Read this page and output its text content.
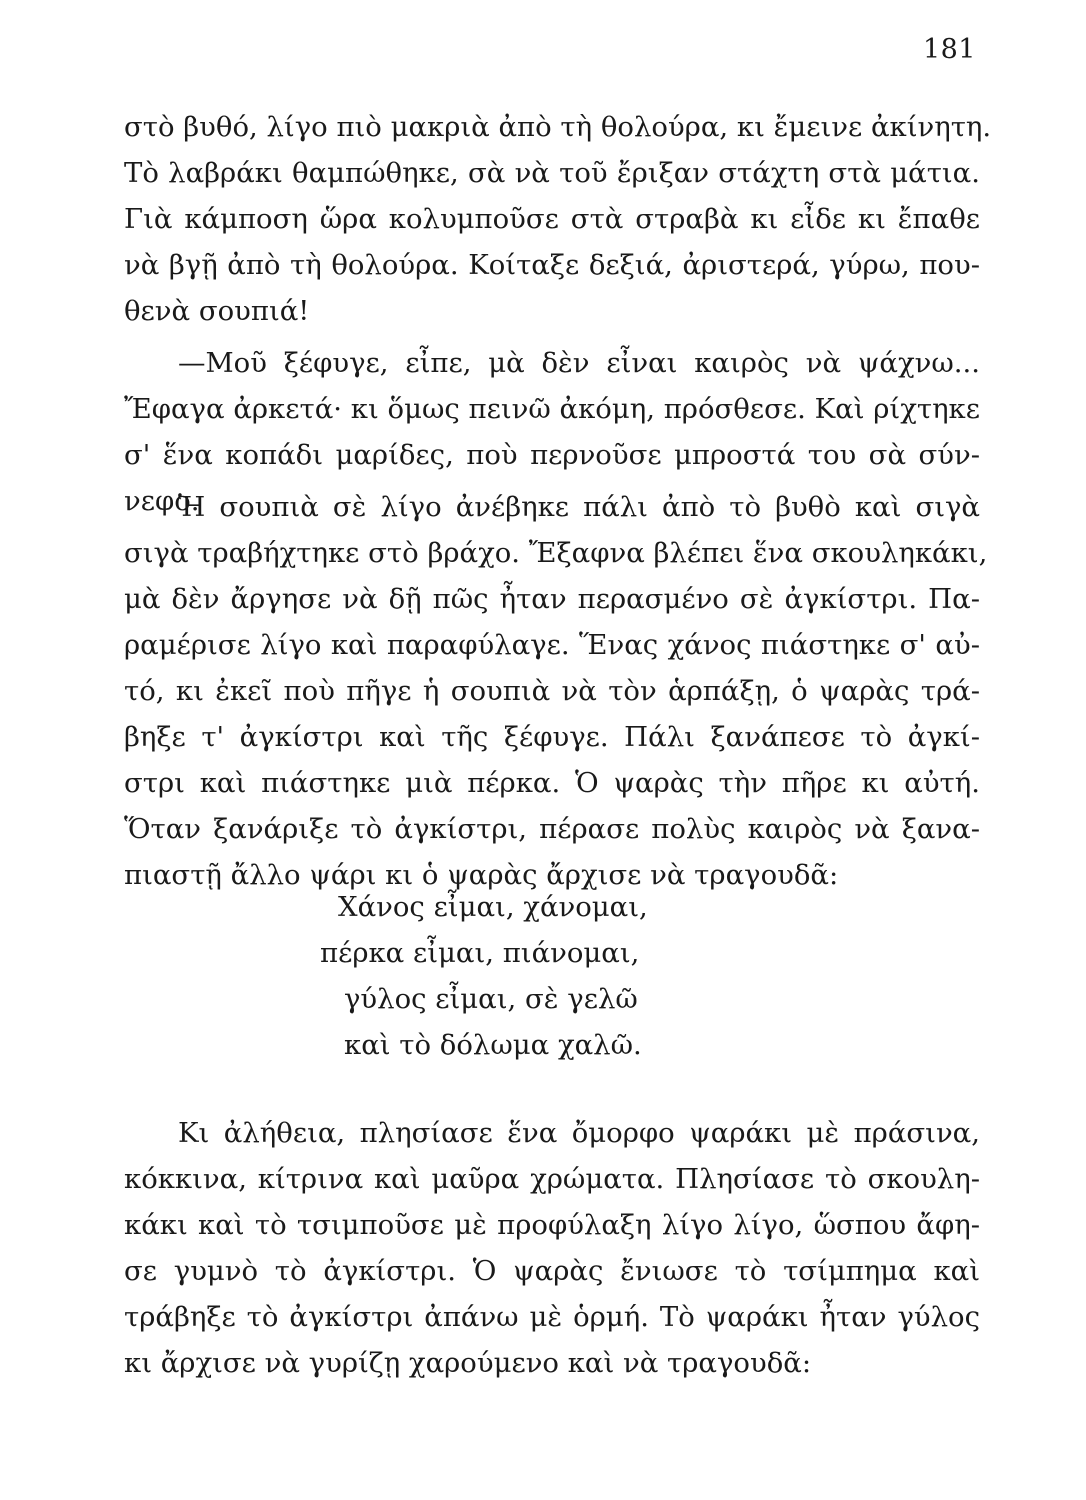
181
στὸ βυθό, λίγο πιὸ μακριὰ ἀπὸ τὴ θολούρα, κι ἔμεινε ἀκίνητη.
Τὸ λαβράκι θαμπώθηκε, σὰ νὰ τοῦ ἔριξαν στάχτη στὰ μάτια.
Γιὰ κάμποση ὥρα κολυμποῦσε στὰ στραβὰ κι εἶδε κι ἔπαθε
νὰ βγῇ ἀπὸ τὴ θολούρα. Κοίταξε δεξιά, ἀριστερά, γύρω, που-
θενὰ σουπιά!
—Μοῦ ξέφυγε, εἶπε, μὰ δὲν εἶναι καιρὸς νὰ ψάχνω...
Ἔφαγα ἀρκετά· κι ὅμως πεινῶ ἀκόμη, πρόσθεσε. Καὶ ρίχτηκε
σ' ἕνα κοπάδι μαρίδες, ποὺ περνοῦσε μπροστά του σὰ σύν-
νεφο.
Ἡ σουπιὰ σὲ λίγο ἀνέβηκε πάλι ἀπὸ τὸ βυθὸ καὶ σιγὰ
σιγὰ τραβήχτηκε στὸ βράχο. Ἔξαφνα βλέπει ἕνα σκουληκάκι,
μὰ δὲν ἄργησε νὰ δῇ πῶς ἦταν περασμένο σὲ ἀγκίστρι. Πα-
ραμέρισε λίγο καὶ παραφύλαγε. Ἕνας χάνος πιάστηκε σ' αὐ-
τό, κι ἐκεῖ ποὺ πῆγε ἡ σουπιὰ νὰ τὸν ἁρπάξῃ, ὁ ψαρὰς τρά-
βηξε τ' ἀγκίστρι καὶ τῆς ξέφυγε. Πάλι ξανάπεσε τὸ ἀγκί-
στρι καὶ πιάστηκε μιὰ πέρκα. Ὁ ψαρὰς τὴν πῆρε κι αὐτή.
Ὅταν ξανάριξε τὸ ἀγκίστρι, πέρασε πολὺς καιρὸς νὰ ξανα-
πιαστῇ ἄλλο ψάρι κι ὁ ψαρὰς ἄρχισε νὰ τραγουδᾶ:
Χάνος εἶμαι, χάνομαι,
πέρκα εἶμαι, πιάνομαι,
γύλος εἶμαι, σὲ γελῶ
καὶ τὸ δόλωμα χαλῶ.
Κι ἀλήθεια, πλησίασε ἕνα ὄμορφο ψαράκι μὲ πράσινα,
κόκκινα, κίτρινα καὶ μαῦρα χρώματα. Πλησίασε τὸ σκουλη-
κάκι καὶ τὸ τσιμποῦσε μὲ προφύλαξη λίγο λίγο, ὥσπου ἄφη-
σε γυμνὸ τὸ ἀγκίστρι. Ὁ ψαρὰς ἔνιωσε τὸ τσίμπημα καὶ
τράβηξε τὸ ἀγκίστρι ἀπάνω μὲ ὁρμή. Τὸ ψαράκι ἦταν γύλος
κι ἄρχισε νὰ γυρίζῃ χαρούμενο καὶ νὰ τραγουδᾶ:
